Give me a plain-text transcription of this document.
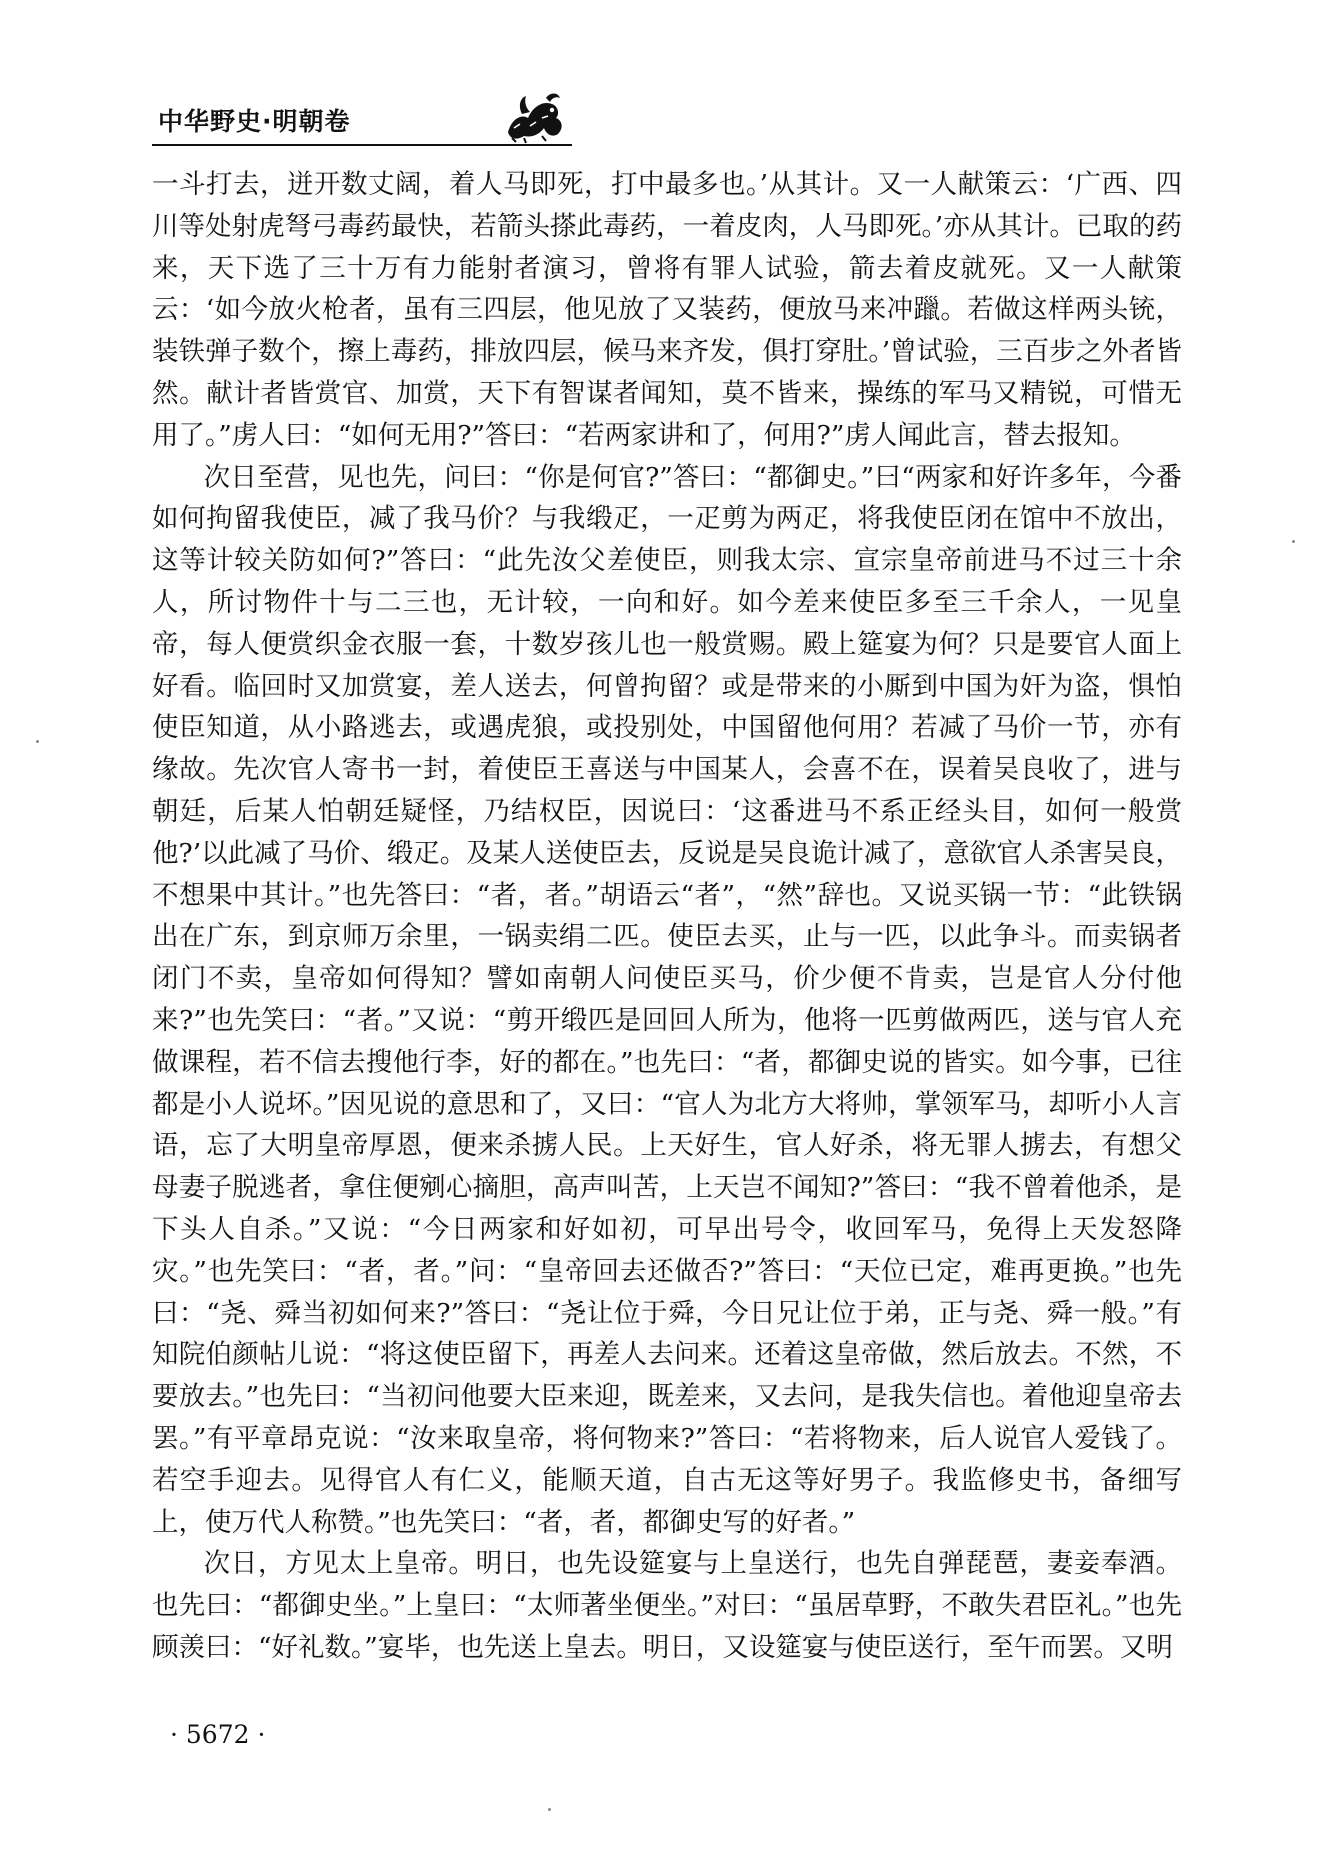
中华野史·明朝卷

一斗打去，迸开数丈阔，着人马即死，打中最多也。’从其计。又一人献策云：‘广西、四川等处射虎弩弓毒药最快，若箭头搽此毒药，一着皮肉，人马即死。’亦从其计。已取的药来，天下选了三十万有力能射者演习，曾将有罪人试验，箭去着皮就死。又一人献策云：‘如今放火枪者，虽有三四层，他见放了又装药，便放马来冲躐。若做这样两头铳，装铁弹子数个，擦上毒药，排放四层，候马来齐发，俱打穿肚。’曾试验，三百步之外者皆然。献计者皆赏官、加赏，天下有智谋者闻知，莫不皆来，操练的军马又精锐，可惜无用了。”虏人曰：“如何无用?”答曰：“若两家讲和了，何用?”虏人闻此言，替去报知。

次日至营，见也先，问曰：“你是何官?”答曰：“都御史。”曰“两家和好许多年，今番如何拘留我使臣，减了我马价？与我缎疋，一疋剪为两疋，将我使臣闭在馆中不放出，这等计较关防如何?”答曰：“此先汝父差使臣，则我太宗、宣宗皇帝前进马不过三十余人，所讨物件十与二三也，无计较，一向和好。如今差来使臣多至三千余人，一见皇帝，每人便赏织金衣服一套，十数岁孩儿也一般赏赐。殿上筵宴为何？只是要官人面上好看。临回时又加赏宴，差人送去，何曾拘留？或是带来的小厮到中国为奸为盗，惧怕使臣知道，从小路逃去，或遇虎狼，或投别处，中国留他何用？若减了马价一节，亦有缘故。先次官人寄书一封，着使臣王喜送与中国某人，会喜不在，误着吴良收了，进与朝廷，后某人怕朝廷疑怪，乃结权臣，因说曰：‘这番进马不系正经头目，如何一般赏他?’以此减了马价、缎疋。及某人送使臣去，反说是吴良诡计减了，意欲官人杀害吴良，不想果中其计。”也先答曰：“者，者。”胡语云“者”，“然”辞也。又说买锅一节：“此铁锅出在广东，到京师万余里，一锅卖绢二匹。使臣去买，止与一匹，以此争斗。而卖锅者闭门不卖，皇帝如何得知？譬如南朝人问使臣买马，价少便不肯卖，岂是官人分付他来?”也先笑曰：“者。”又说：“剪开缎匹是回回人所为，他将一匹剪做两匹，送与官人充做课程，若不信去搜他行李，好的都在。”也先曰：“者，都御史说的皆实。如今事，已往都是小人说坏。”因见说的意思和了，又曰：“官人为北方大将帅，掌领军马，却听小人言语，忘了大明皇帝厚恩，便来杀掳人民。上天好生，官人好杀，将无罪人掳去，有想父母妻子脱逃者，拿住便剜心摘胆，高声叫苦，上天岂不闻知?”答曰：“我不曾着他杀，是下头人自杀。”又说：“今日两家和好如初，可早出号令，收回军马，免得上天发怒降灾。”也先笑曰：“者，者。”问：“皇帝回去还做否?”答曰：“天位已定，难再更换。”也先曰：“尧、舜当初如何来?”答曰：“尧让位于舜，今日兄让位于弟，正与尧、舜一般。”有知院伯颜帖儿说：“将这使臣留下，再差人去问来。还着这皇帝做，然后放去。不然，不要放去。”也先曰：“当初问他要大臣来迎，既差来，又去问，是我失信也。着他迎皇帝去罢。”有平章昂克说：“汝来取皇帝，将何物来?”答曰：“若将物来，后人说官人爱钱了。若空手迎去。见得官人有仁义，能顺天道，自古无这等好男子。我监修史书，备细写上，使万代人称赞。”也先笑曰：“者，者，都御史写的好者。”

次日，方见太上皇帝。明日，也先设筵宴与上皇送行，也先自弹琵琶，妻妾奉酒。也先曰：“都御史坐。”上皇曰：“太师著坐便坐。”对曰：“虽居草野，不敢失君臣礼。”也先顾羡曰：“好礼数。”宴毕，也先送上皇去。明日，又设筵宴与使臣送行，至午而罢。又明

· 5672 ·
